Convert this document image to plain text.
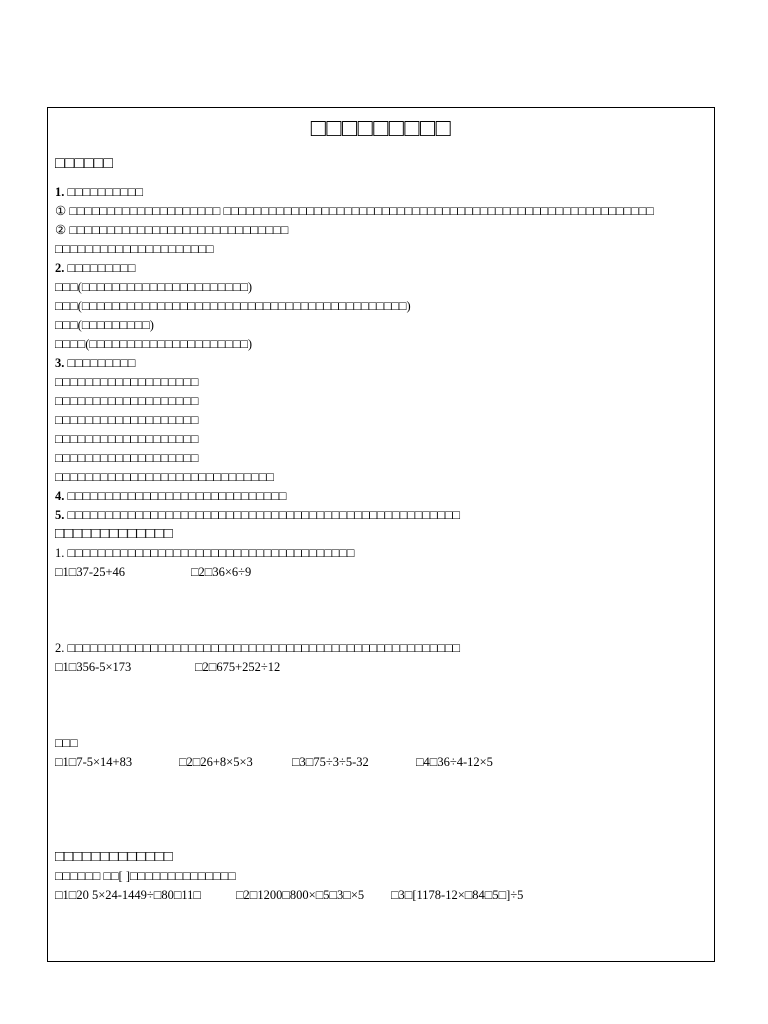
□□□□□□□□□
□□□□□□
1. □□□□□□□□□□
① □□□□□□□□□□□□□□□□□□□□ □□□□□□□□□□□□□□□□□□□□□□□□□□□□□□□□□□□□□□□□□□□□□□□□□□□□□□□□□
② □□□□□□□□□□□□□□□□□□□□□□□□□□□□□
□□□□□□□□□□□□□□□□□□□□□
2. □□□□□□□□□
□□□(□□□□□□□□□□□□□□□□□□□□□□)
□□□(□□□□□□□□□□□□□□□□□□□□□□□□□□□□□□□□□□□□□□□□□□□)
□□□(□□□□□□□□□)
□□□□(□□□□□□□□□□□□□□□□□□□□□)
3. □□□□□□□□□
□□□□□□□□□□□□□□□□□□□
□□□□□□□□□□□□□□□□□□□
□□□□□□□□□□□□□□□□□□□
□□□□□□□□□□□□□□□□□□□
□□□□□□□□□□□□□□□□□□□
□□□□□□□□□□□□□□□□□□□□□□□□□□□□□
4. □□□□□□□□□□□□□□□□□□□□□□□□□□□□□
5. □□□□□□□□□□□□□□□□□□□□□□□□□□□□□□□□□□□□□□□□□□□□□□□□□□□□
□□□□□□□□□□□□□
1. □□□□□□□□□□□□□□□□□□□□□□□□□□□□□□□□□□□□□□
□1□37-25+46	□2□36×6÷9
2. □□□□□□□□□□□□□□□□□□□□□□□□□□□□□□□□□□□□□□□□□□□□□□□□□□□□
□1□356-5×173	□2□675+252÷12
□□□
□1□7-5×14+83	□2□26+8×5×3	□3□75÷3÷5-32	□4□36÷4-12×5
□□□□□□□□□□□□□
□□□□□□ □□[ ]□□□□□□□□□□□□□□
□1□20 5×24-1449÷□80□11□	□2□1200□800×□5□3□×5 □3□[1178-12×□84□5□]÷5
